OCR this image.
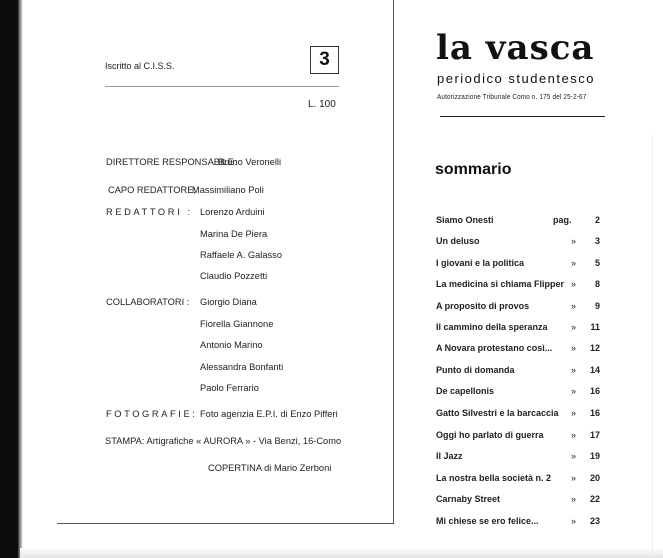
Iscritto al C.I.S.S.	3
L. 100
DIRETTORE RESPONSABILE:
Bruno Veronelli
CAPO REDATTORE;
Massimiliano Poli
REDATTORI : Lorenzo Arduini
Marina De Piera
Raffaele A. Galasso
Claudio Pozzetti
COLLABORATORI : Giorgio Diana
Fiorella Giannone
Antonio Marino
Alessandra Bonfanti
Paolo Ferrario
FOTOGRAFIE: Foto agenzia E.P.I. di Enzo Pifferi
STAMPA: Artigrafiche « AURORA » - Via Benzi, 16-Como
COPERTINA di Mario Zerboni
la vasca
periodico studentesco
Autorizzazione Tribunale Como n. 175 del 25-2-67
sommario
Siamo Onesti	pag.	2
Un deluso	» 3
I giovani e la politica	» 5
La medicina si chiama Flipper » 8
A proposito di provos	» 9
Il cammino della speranza	» 11
A Novara protestano così... » 12
Punto di domanda	» 14
De capellonis	» 16
Gatto Silvestri e la barcaccia » 16
Oggi ho parlato di guerra	» 17
Il Jazz	» 19
La nostra bella società n. 2 » 20
Carnaby Street	» 22
Mi chiese se ero felice...	» 23
